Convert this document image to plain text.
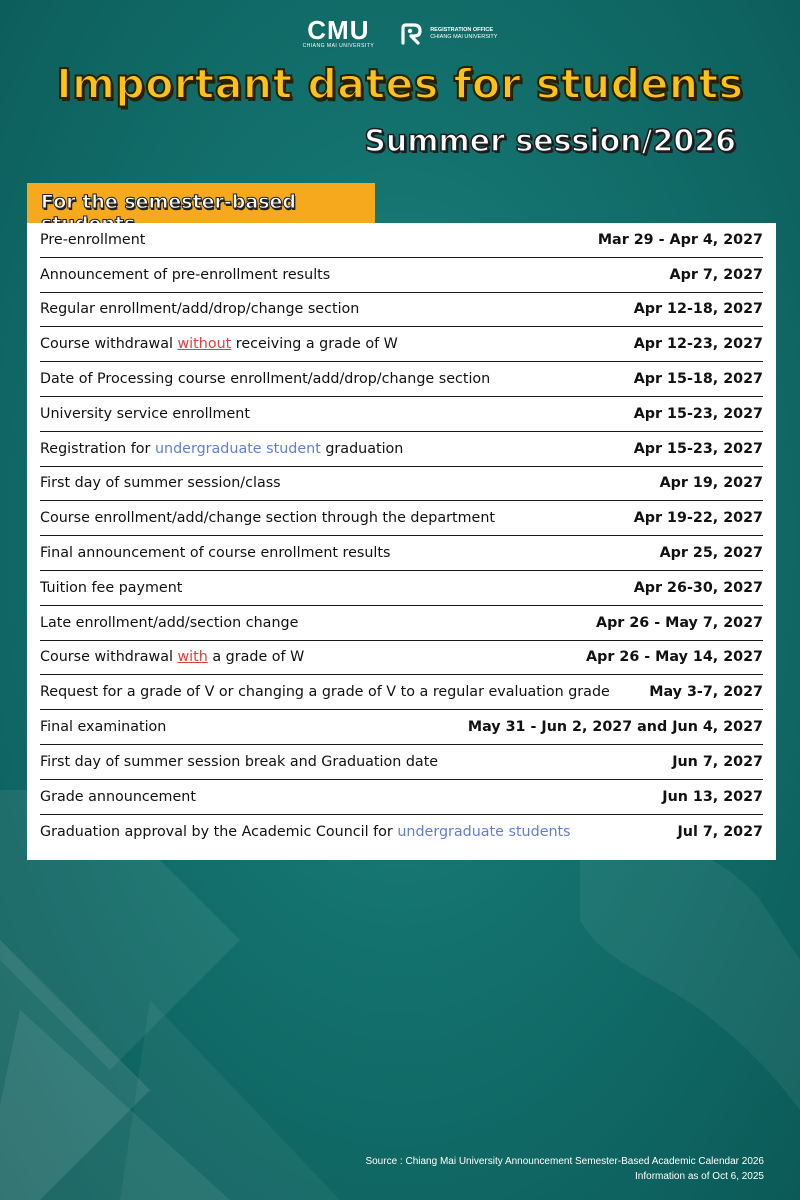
CMU
CHIANG MAI UNIVERSITY
REGISTRATION OFFICE
CHIANG MAI UNIVERSITY
Important dates for students
Summer session/2026
For the semester-based
Pre-enrollment	Mar 29 - Apr 4, 2027
Announcement of pre-enrollment results	Apr 7, 2027
Regular enrollment/add/drop/change section	Apr 12-18, 2027
Course withdrawal without receiving a grade of W	Apr 12-23, 2027
Date of Processing course enrollment/add/drop/change section	Apr 15-18, 2027
University service enrollment	Apr 15-23, 2027
Registration for undergraduate student graduation	Apr 15-23, 2027
First day of summer session/class	Apr 19, 2027
Course enrollment/add/change section through the department	Apr 19-22, 2027
Final announcement of course enrollment results	Apr 25, 2027
Tuition fee payment	Apr 26-30, 2027
Late enrollment/add/section change	Apr 26 - May 7, 2027
Course withdrawal with a grade of W	Apr 26 - May 14, 2027
Request for a grade of V or changing a grade of V to a regular evaluation grade	May 3-7, 2027
Final examination	May 31 - Jun 2, 2027 and Jun 4, 2027
First day of summer session break and Graduation date	Jun 7, 2027
Grade announcement	Jun 13, 2027
Graduation approval by the Academic Council for undergraduate students	Jul 7, 2027
Source : Chiang Mai University Announcement Semester-Based Academic Calendar 2026
Information as of Oct 6, 2025
